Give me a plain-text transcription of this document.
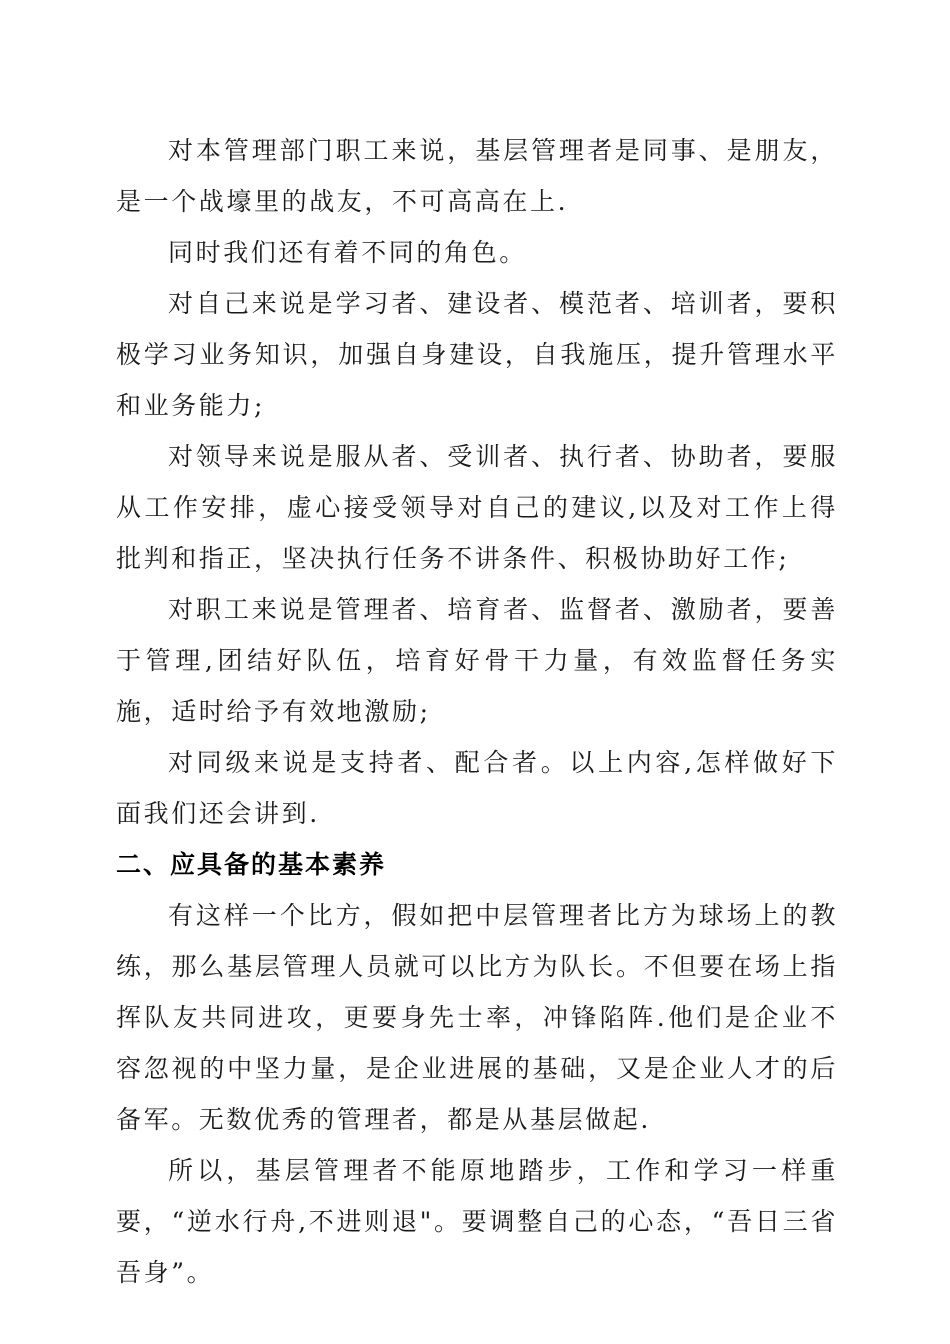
对本管理部门职工来说，基层管理者是同事、是朋友，是一个战壕里的战友，不可高高在上.

同时我们还有着不同的角色。

对自己来说是学习者、建设者、模范者、培训者，要积极学习业务知识，加强自身建设，自我施压，提升管理水平和业务能力;

对领导来说是服从者、受训者、执行者、协助者，要服从工作安排，虚心接受领导对自己的建议,以及对工作上得批判和指正，坚决执行任务不讲条件、积极协助好工作;

对职工来说是管理者、培育者、监督者、激励者，要善于管理,团结好队伍，培育好骨干力量，有效监督任务实施，适时给予有效地激励;

对同级来说是支持者、配合者。以上内容,怎样做好下面我们还会讲到.

二、应具备的基本素养

有这样一个比方，假如把中层管理者比方为球场上的教练，那么基层管理人员就可以比方为队长。不但要在场上指挥队友共同进攻，更要身先士率，冲锋陷阵.他们是企业不容忽视的中坚力量，是企业进展的基础，又是企业人才的后备军。无数优秀的管理者，都是从基层做起.

所以，基层管理者不能原地踏步，工作和学习一样重要，“逆水行舟,不进则退"。要调整自己的心态，“吾日三省吾身”。
